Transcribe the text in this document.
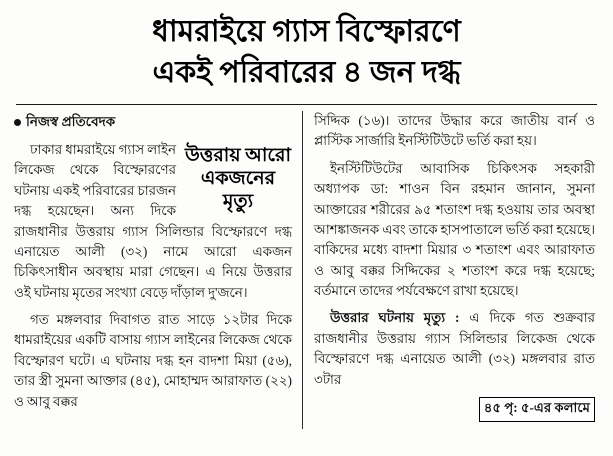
ধামরাইয়ে গ্যাস বিস্ফোরণে
একই পরিবারের ৪ জন দগ্ধ
নিজস্ব প্রতিবেদক
উত্তরায় আরো
একজনের
মৃত্যু

ঢাকার ধামরাইয়ে গ্যাস লাইন লিকেজ থেকে বিস্ফোরণের ঘটনায় একই পরিবারের চারজন দগ্ধ হয়েছেন। অন্য দিকে রাজধানীর উত্তরায় গ্যাস সিলিন্ডার বিস্ফোরণে দগ্ধ এনায়েত আলী (৩২) নামে আরো একজন চিকিৎসাধীন অবস্থায় মারা গেছেন। এ নিয়ে উত্তরার ওই ঘটনায় মৃতের সংখ্যা বেড়ে দাঁড়াল দু'জনে।

গত মঙ্গলবার দিবাগত রাত সাড়ে ১২টার দিকে ধামরাইয়ের একটি বাসায় গ্যাস লাইনের লিকেজ থেকে বিস্ফোরণ ঘটে। এ ঘটনায় দগ্ধ হন বাদশা মিয়া (৫৬), তার স্ত্রী সুমনা আক্তার (৪৫), মোহাম্মদ আরাফাত (২২) ও আবু বক্কর

সিদ্দিক (১৬)। তাদের উদ্ধার করে জাতীয় বার্ন ও প্লাস্টিক সার্জারি ইনস্টিটিউটে ভর্তি করা হয়।

ইনস্টিটিউটের আবাসিক চিকিৎসক সহকারী অধ্যাপক ডা: শাওন বিন রহমান জানান, সুমনা আক্তারের শরীরের ৯৫ শতাংশ দগ্ধ হওয়ায় তার অবস্থা আশঙ্কাজনক এবং তাকে হাসপাতালে ভর্তি করা হয়েছে। বাকিদের মধ্যে বাদশা মিয়ার ৩ শতাংশ এবং আরাফাত ও আবু বক্কর সিদ্দিকের ২ শতাংশ করে দগ্ধ হয়েছে; বর্তমানে তাদের পর্যবেক্ষণে রাখা হয়েছে।

উত্তরার ঘটনায় মৃত্যু : এ দিকে গত শুক্রবার রাজধানীর উত্তরায় গ্যাস সিলিন্ডার লিকেজ থেকে বিস্ফোরণে দগ্ধ এনায়েত আলী (৩২) মঙ্গলবার রাত ৩টার

৪৫ পৃ: ৫-এর কলামে
